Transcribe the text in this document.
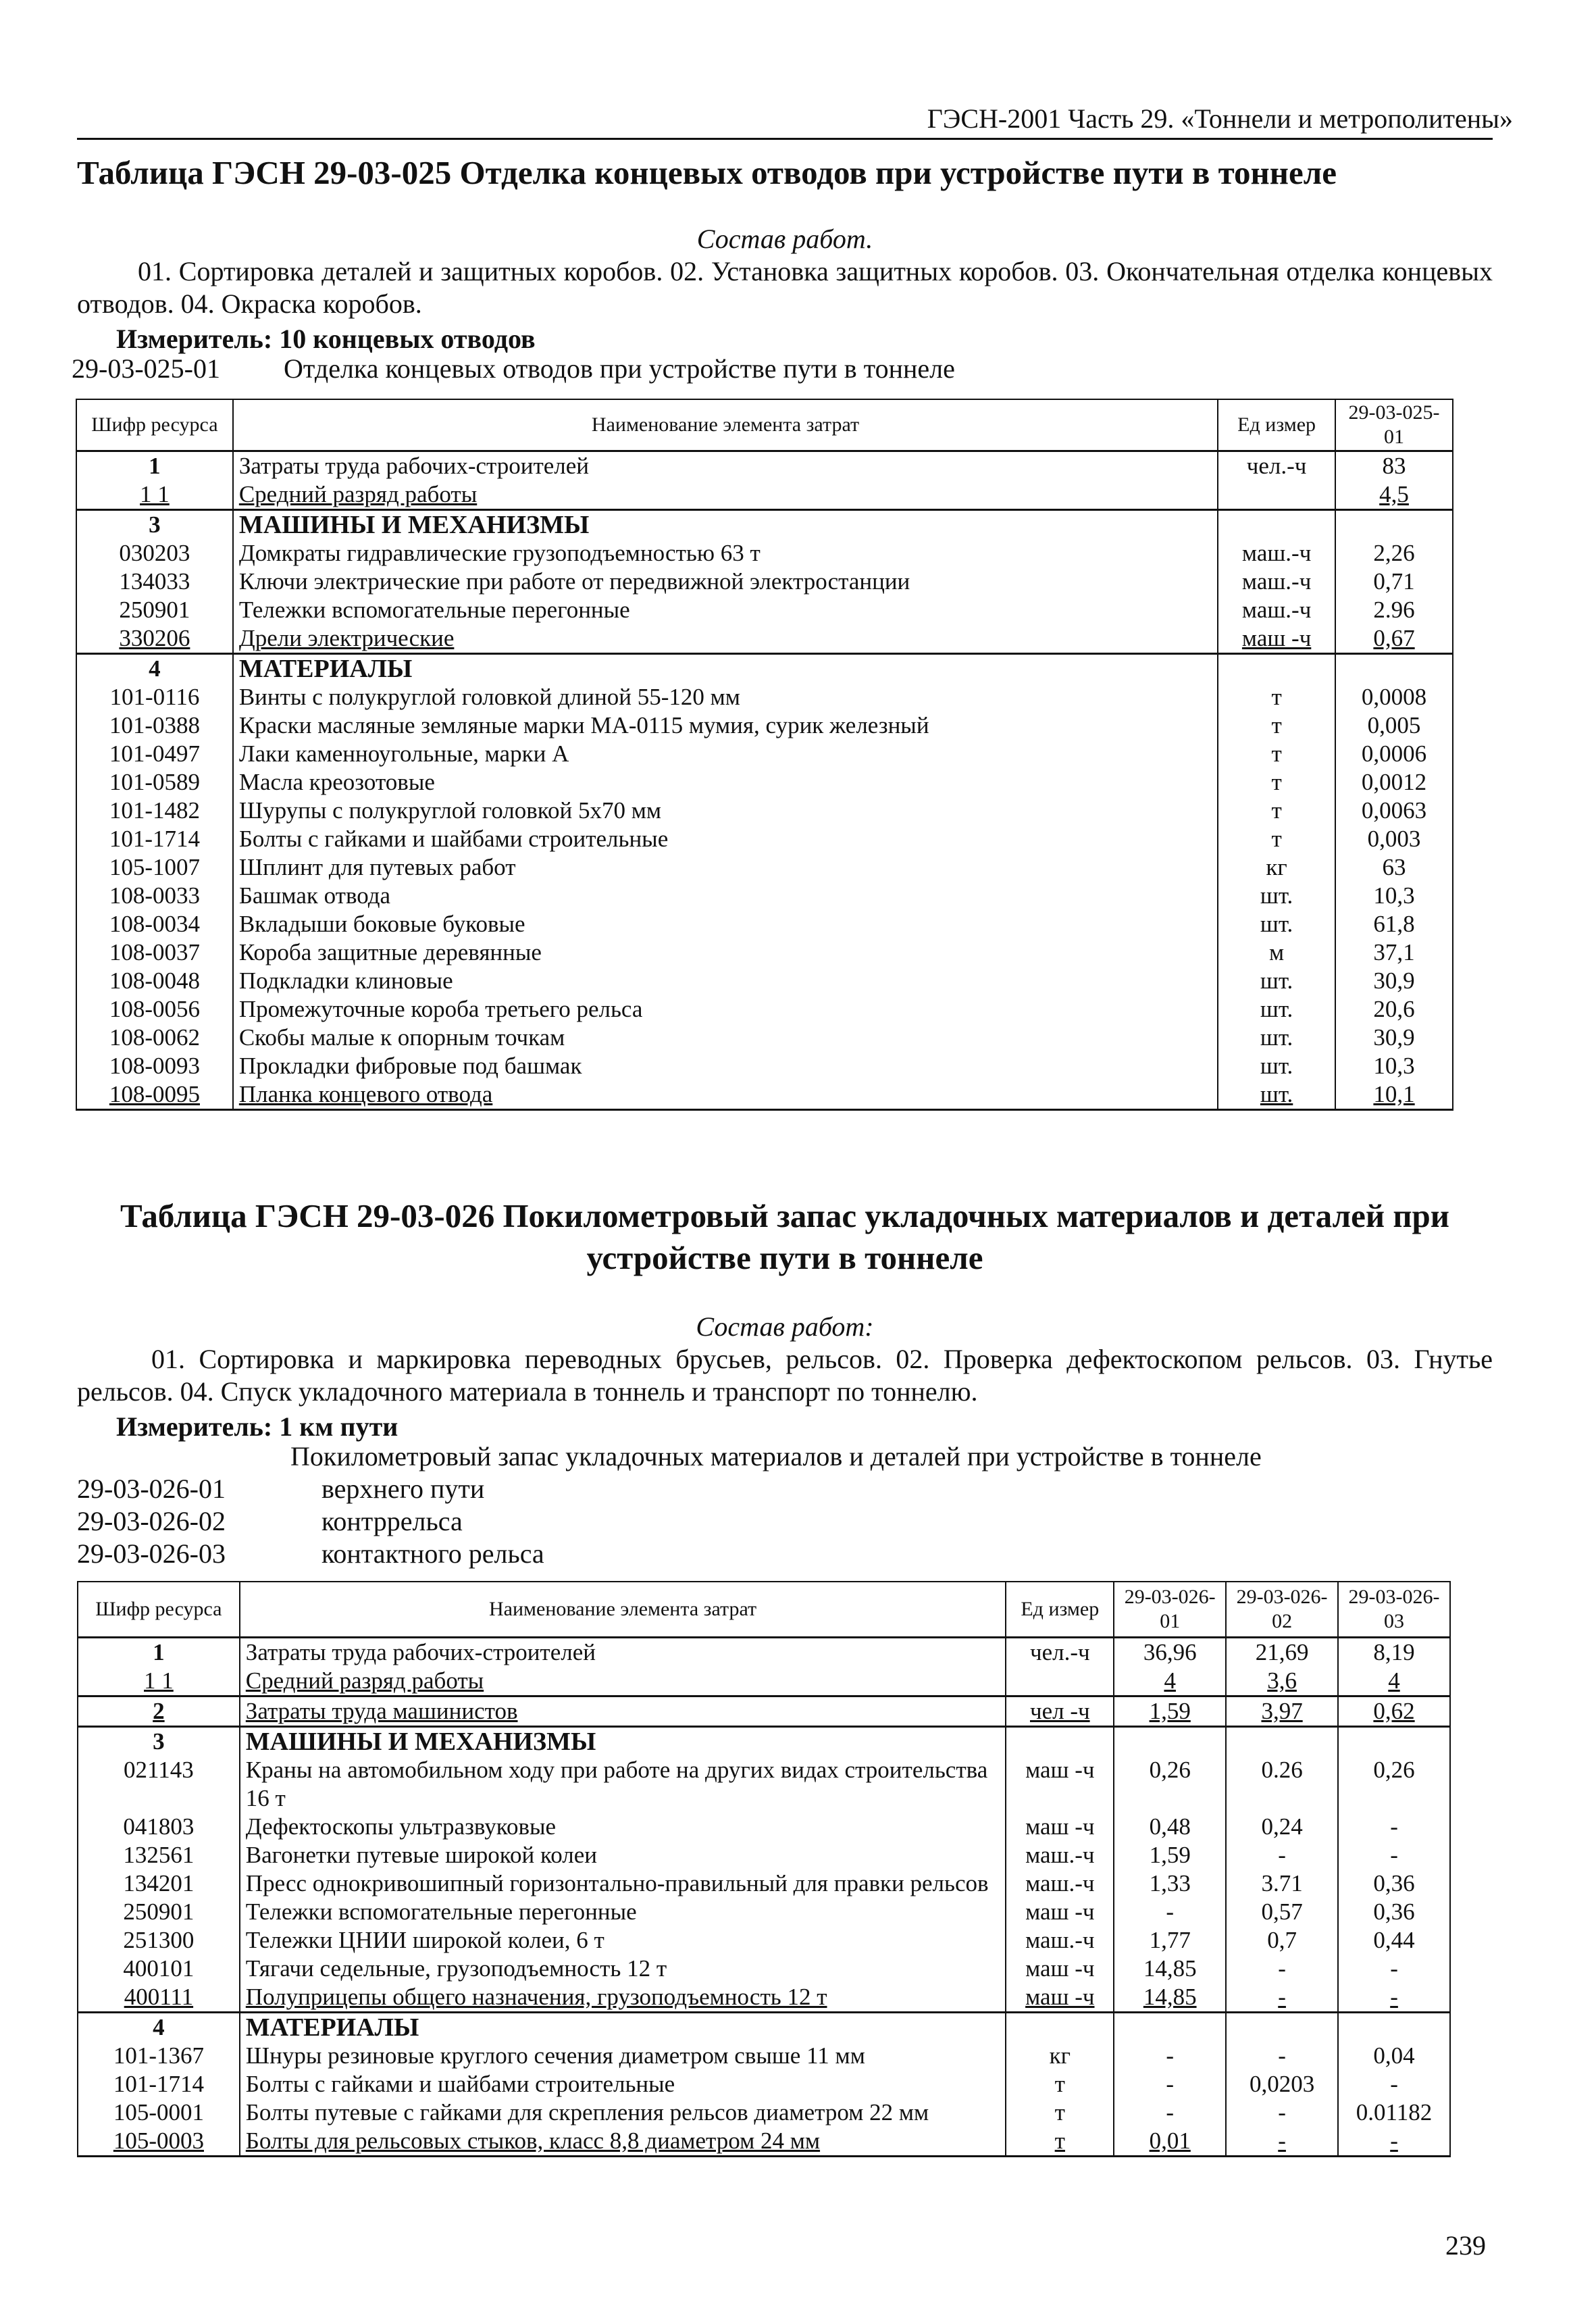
ГЭСН-2001 Часть 29. «Тоннели и метрополитены»
Таблица ГЭСН 29-03-025 Отделка концевых отводов при устройстве пути в тоннеле
Состав работ.
01. Сортировка деталей и защитных коробов. 02. Установка защитных коробов. 03. Окончательная отделка концевых отводов. 04. Окраска коробов.
Измеритель: 10 концевых отводов
29-03-025-01 Отделка концевых отводов при устройстве пути в тоннеле
Шифр ресурса	Наименование элемента затрат	Ед измер	29-03-025-01
1	Затраты труда рабочих-строителей	чел.-ч	83
1 1	Средний разряд работы		4,5
3	МАШИНЫ И МЕХАНИЗМЫ		
030203	Домкраты гидравлические грузоподъемностью 63 т	маш.-ч	2,26
134033	Ключи электрические при работе от передвижной электростанции	маш.-ч	0,71
250901	Тележки вспомогательные перегонные	маш.-ч	2.96
330206	Дрели электрические	маш -ч	0,67
4	МАТЕРИАЛЫ		
101-0116	Винты с полукруглой головкой длиной 55-120 мм	т	0,0008
101-0388	Краски масляные земляные марки МА-0115 мумия, сурик железный	т	0,005
101-0497	Лаки каменноугольные, марки А	т	0,0006
101-0589	Масла креозотовые	т	0,0012
101-1482	Шурупы с полукруглой головкой 5х70 мм	т	0,0063
101-1714	Болты с гайками и шайбами строительные	т	0,003
105-1007	Шплинт для путевых работ	кг	63
108-0033	Башмак отвода	шт.	10,3
108-0034	Вкладыши боковые буковые	шт.	61,8
108-0037	Короба защитные деревянные	м	37,1
108-0048	Подкладки клиновые	шт.	30,9
108-0056	Промежуточные короба третьего рельса	шт.	20,6
108-0062	Скобы малые к опорным точкам	шт.	30,9
108-0093	Прокладки фибровые под башмак	шт.	10,3
108-0095	Планка концевого отвода	шт.	10,1
Таблица ГЭСН 29-03-026 Покилометровый запас укладочных материалов и деталей при
устройстве пути в тоннеле
Состав работ:
01. Сортировка и маркировка переводных брусьев, рельсов. 02. Проверка дефектоскопом рельсов. 03. Гнутье рельсов. 04. Спуск укладочного материала в тоннель и транспорт по тоннелю.
Измеритель: 1 км пути
Покилометровый запас укладочных материалов и деталей при устройстве в тоннеле
29-03-026-01	верхнего пути
29-03-026-02	контррельса
29-03-026-03	контактного рельса
Шифр ресурса	Наименование элемента затрат	Ед измер	29-03-026-01	29-03-026-02	29-03-026-03
1	Затраты труда рабочих-строителей	чел.-ч	36,96	21,69	8,19
1 1	Средний разряд работы		4	3,6	4
2	Затраты труда машинистов	чел -ч	1,59	3,97	0,62
3	МАШИНЫ И МЕХАНИЗМЫ				
021143	Краны на автомобильном ходу при работе на других видах строительства 16 т	маш -ч	0,26	0.26	0,26
041803	Дефектоскопы ультразвуковые	маш -ч	0,48	0,24	-
132561	Вагонетки путевые широкой колеи	маш.-ч	1,59	-	-
134201	Пресс однокривошипный горизонтально-правильный для правки рельсов	маш.-ч	1,33	3.71	0,36
250901	Тележки вспомогательные перегонные	маш -ч	-	0,57	0,36
251300	Тележки ЦНИИ широкой колеи, 6 т	маш.-ч	1,77	0,7	0,44
400101	Тягачи седельные, грузоподъемность 12 т	маш -ч	14,85	-	-
400111	Полуприцепы общего назначения, грузоподъемность 12 т	маш -ч	14,85	-	-
4	МАТЕРИАЛЫ				
101-1367	Шнуры резиновые круглого сечения диаметром свыше 11 мм	кг	-	-	0,04
101-1714	Болты с гайками и шайбами строительные	т	-	0,0203	-
105-0001	Болты путевые с гайками для скрепления рельсов диаметром 22 мм	т	-	-	0.01182
105-0003	Болты для рельсовых стыков, класс 8,8 диаметром 24 мм	т	0,01	-	-
239
